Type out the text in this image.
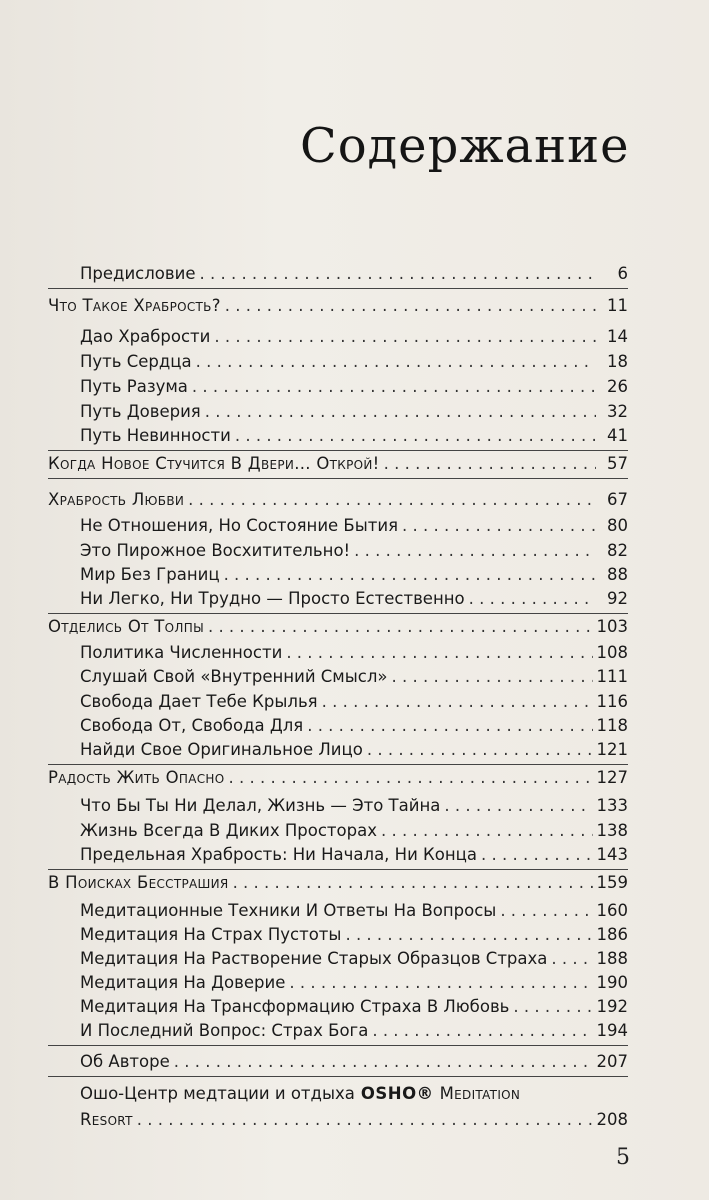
Содержание
Предисловие . . .	6
Что Такое Храбрость? . . .	11
Дао Храбрости . . .	14
Путь Сердца . . .	18
Путь Разума . . .	26
Путь Доверия . . .	32
Путь Невинности . . .	41
Когда Новое Стучится В Двери... Открой! . . .	57
Храбрость Любви . . .	67
Не Отношения, Но Состояние Бытия . . .	80
Это Пирожное Восхитительно! . . .	82
Мир Без Границ . . .	88
Ни Легко, Ни Трудно — Просто Естественно . . .	92
Отделись От Толпы . . .	103
Политика Численности . . .	108
Слушай Свой «Внутренний Смысл» . . .	111
Свобода Дает Тебе Крылья . . .	116
Свобода От, Свобода Для . . .	118
Найди Свое Оригинальное Лицо . . .	121
Радость Жить Опасно . . .	127
Что Бы Ты Ни Делал, Жизнь — Это Тайна . . .	133
Жизнь Всегда В Диких Просторах . . .	138
Предельная Храбрость: Ни Начала, Ни Конца . . .	143
В Поисках Бесстрашия . . .	159
Медитационные Техники И Ответы На Вопросы . . .	160
Медитация На Страх Пустоты . . .	186
Медитация На Растворение Старых Образцов Страха . . .	188
Медитация На Доверие . . .	190
Медитация На Трансформацию Страха В Любовь . . .	192
И Последний Вопрос: Страх Бога . . .	194
Об Авторе . . .	207
Ошо-Центр медтации и отдыха OSHO® Meditation
Resort . . .	208
5
